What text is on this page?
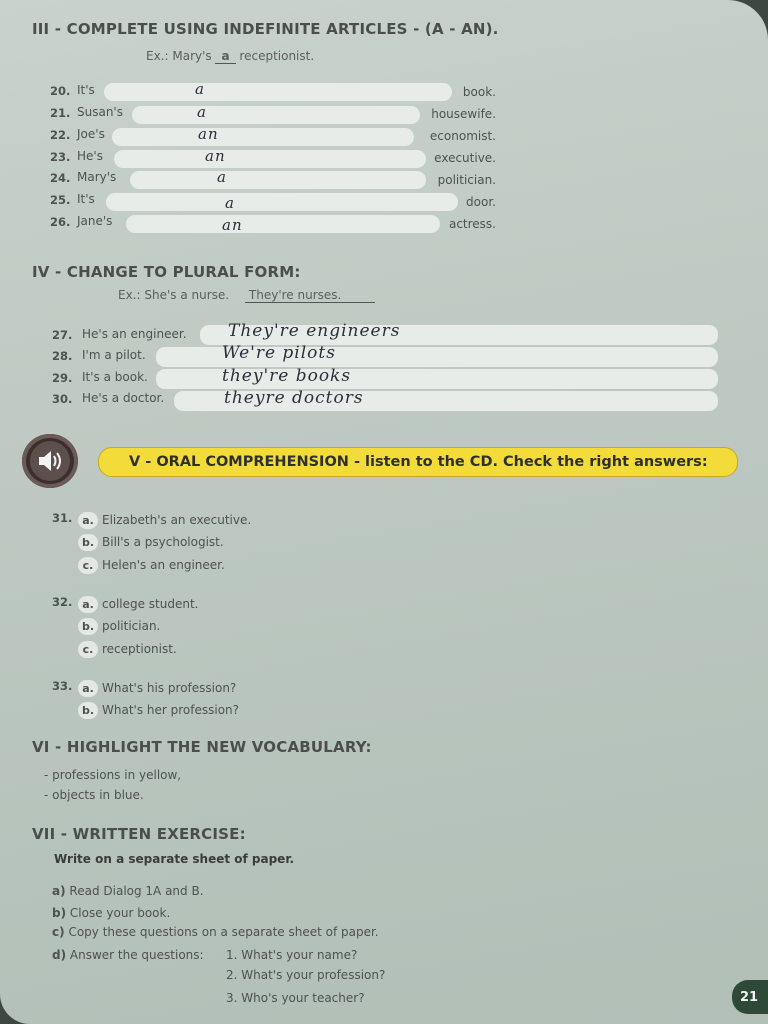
III - COMPLETE USING INDEFINITE ARTICLES - (A - AN).
Ex.: Mary's a receptionist.
20. It's	a	book.
21. Susan's	a	housewife.
22. Joe's	an	economist.
23. He's	an	executive.
24. Mary's	a	politician.
25. It's	a	door.
26. Jane's	an	actress.
IV - CHANGE TO PLURAL FORM:
Ex.: She's a nurse. They're nurses.
27. He's an engineer. They're engineers
28. I'm a pilot.	We're pilots
29. It's a book.	they're books
30. He's a doctor.	theyre doctors
V - ORAL COMPREHENSION - listen to the CD. Check the right answers:
31. a. Elizabeth's an executive.
b. Bill's a psychologist.
c. Helen's an engineer.
32. a. college student.
b. politician.
c. receptionist.
33. a. What's his profession?
b. What's her profession?
VI - HIGHLIGHT THE NEW VOCABULARY:
- professions in yellow,
- objects in blue.
VII - WRITTEN EXERCISE:
Write on a separate sheet of paper.
a) Read Dialog 1A and B.
b) Close your book.
c) Copy these questions on a separate sheet of paper.
d) Answer the questions: 1. What's your name?
2. What's your profession?
3. Who's your teacher?	21
